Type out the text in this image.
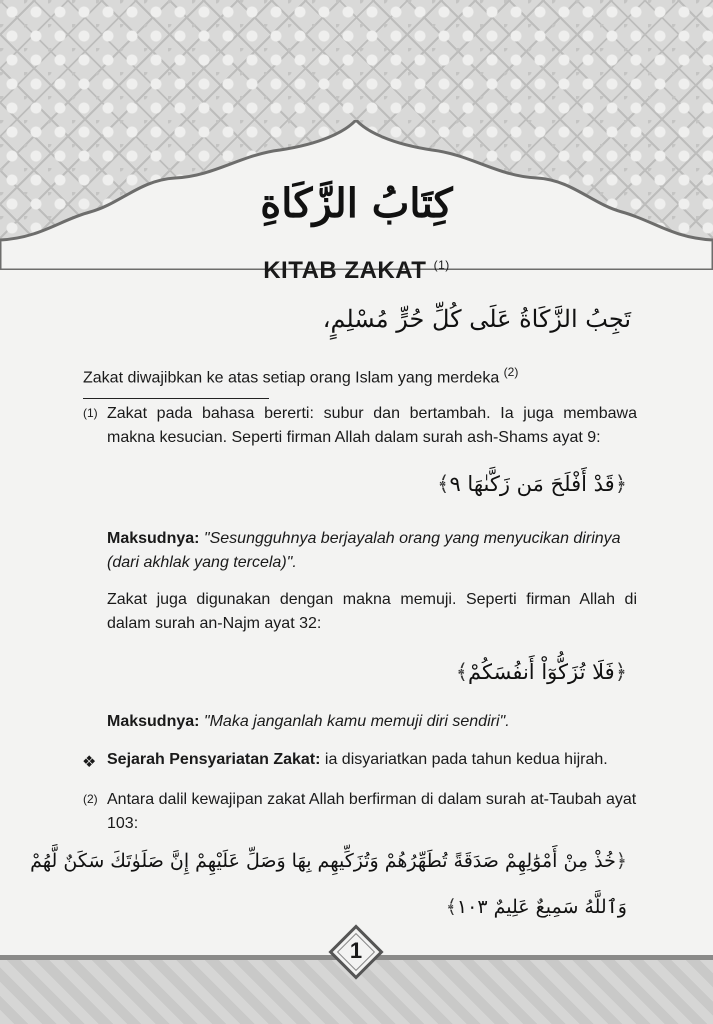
كِتَابُ الزَّكَاةِ
KITAB ZAKAT $^{(1)}$
تَجِبُ الزَّكَاةُ عَلَى كُلِّ حُرٍّ مُسْلِمٍ،
Zakat diwajibkan ke atas setiap orang Islam yang merdeka $^{(2)}$
(1) Zakat pada bahasa bererti: subur dan bertambah. Ia juga membawa makna kesucian. Seperti firman Allah dalam surah ash-Shams ayat 9:
﴿قَدْ أَفْلَحَ مَن زَكَّىٰهَا ٩﴾
Maksudnya: "Sesungguhnya berjayalah orang yang menyucikan dirinya (dari akhlak yang tercela)".
Zakat juga digunakan dengan makna memuji. Seperti firman Allah di dalam surah an-Najm ayat 32:
﴿فَلَا تُزَكُّوٓاْ أَنفُسَكُمْ﴾
Maksudnya: "Maka janganlah kamu memuji diri sendiri".
❖ Sejarah Pensyariatan Zakat: ia disyariatkan pada tahun kedua hijrah.
(2) Antara dalil kewajipan zakat Allah berfirman di dalam surah at-Taubah ayat 103:
﴿خُذْ مِنْ أَمْوَٰلِهِمْ صَدَقَةً تُطَهِّرُهُمْ وَتُزَكِّيهِم بِهَا وَصَلِّ عَلَيْهِمْ إِنَّ صَلَوٰتَكَ سَكَنٌ لَّهُمْ
وَٱللَّهُ سَمِيعٌ عَلِيمٌ ١٠٣﴾
1
